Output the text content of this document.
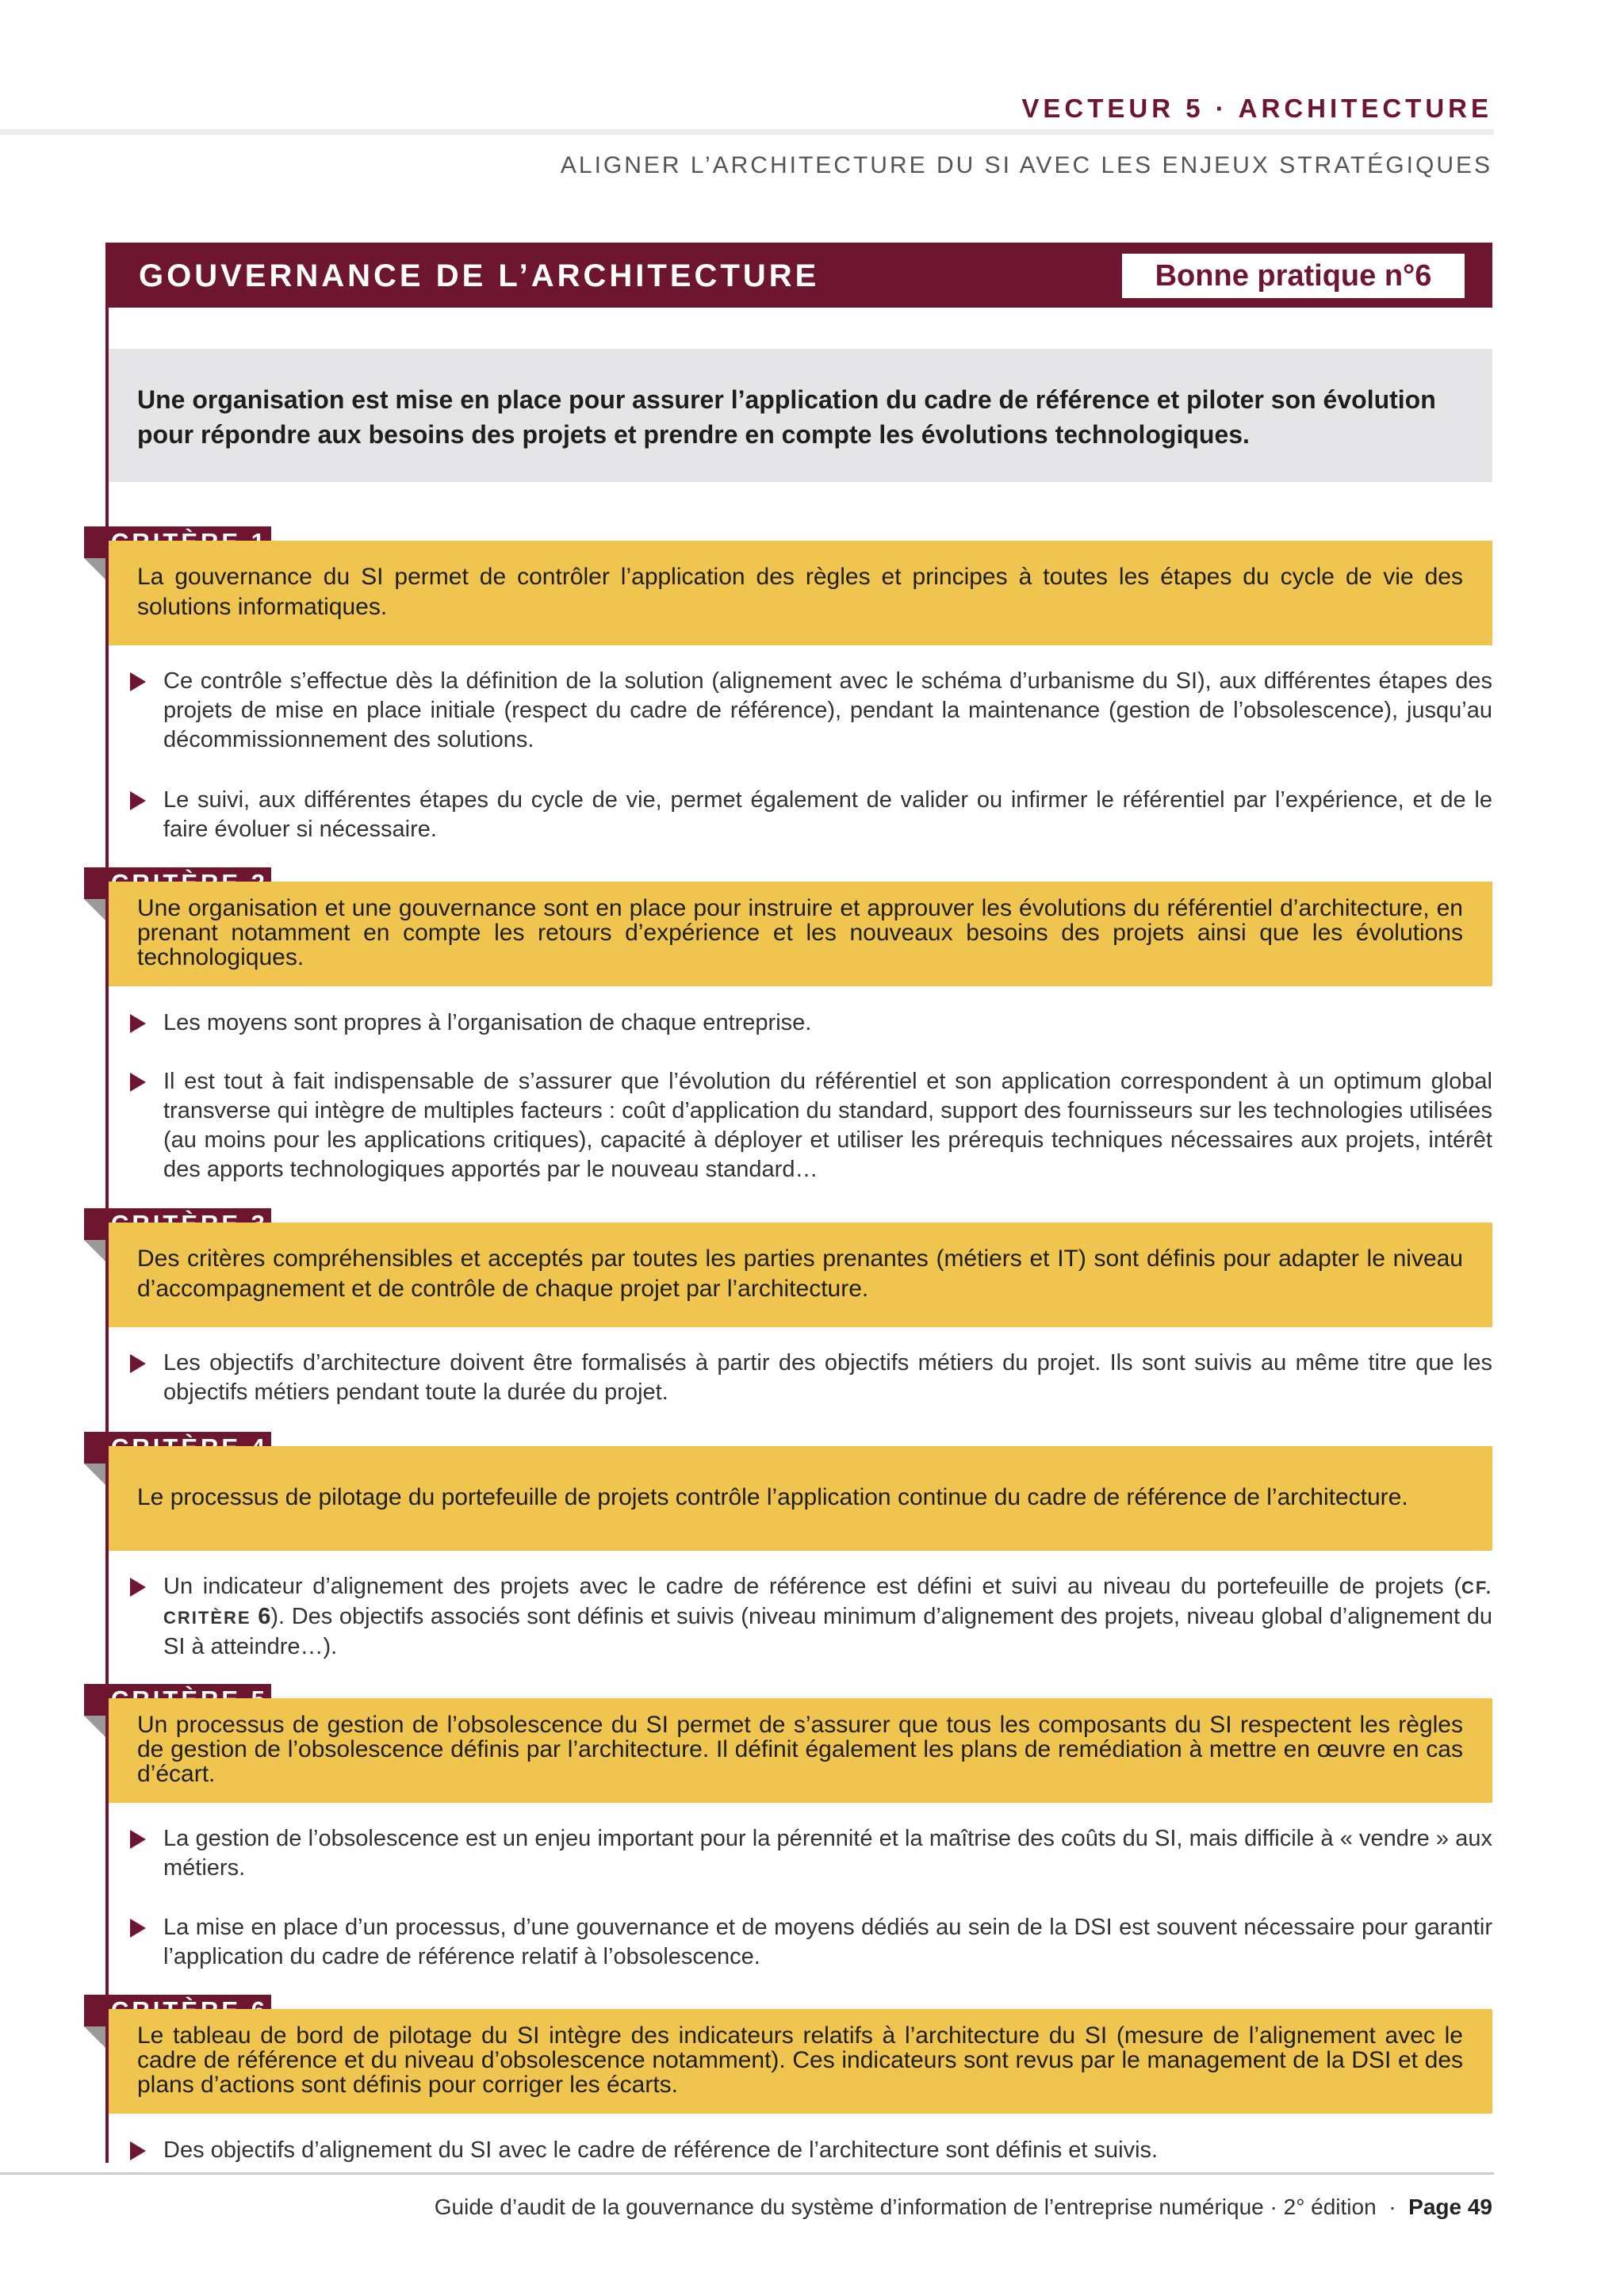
VECTEUR 5 · ARCHITECTURE
ALIGNER L’ARCHITECTURE DU SI AVEC LES ENJEUX STRATÉGIQUES
GOUVERNANCE DE L’ARCHITECTURE	Bonne pratique n°6
Une organisation est mise en place pour assurer l’application du cadre de référence et piloter son évolution pour répondre aux besoins des projets et prendre en compte les évolutions technologiques.
La gouvernance du SI permet de contrôler l’application des règles et principes à toutes les étapes du cycle de vie des solutions informatiques.
Ce contrôle s’effectue dès la définition de la solution (alignement avec le schéma d’urbanisme du SI), aux différentes étapes des projets de mise en place initiale (respect du cadre de référence), pendant la maintenance (gestion de l’obsolescence), jusqu’au décommissionnement des solutions.
Le suivi, aux différentes étapes du cycle de vie, permet également de valider ou infirmer le référentiel par l’expérience, et de le faire évoluer si nécessaire.
Une organisation et une gouvernance sont en place pour instruire et approuver les évolutions du référentiel d’architecture, en prenant notamment en compte les retours d’expérience et les nouveaux besoins des projets ainsi que les évolutions technologiques.
Les moyens sont propres à l’organisation de chaque entreprise.
Il est tout à fait indispensable de s’assurer que l’évolution du référentiel et son application correspondent à un optimum global transverse qui intègre de multiples facteurs : coût d’application du standard, support des fournisseurs sur les technologies utilisées (au moins pour les applications critiques), capacité à déployer et utiliser les prérequis techniques nécessaires aux projets, intérêt des apports technologiques apportés par le nouveau standard…
Des critères compréhensibles et acceptés par toutes les parties prenantes (métiers et IT) sont définis pour adapter le niveau d’accompagnement et de contrôle de chaque projet par l’architecture.
Les objectifs d’architecture doivent être formalisés à partir des objectifs métiers du projet. Ils sont suivis au même titre que les objectifs métiers pendant toute la durée du projet.
Le processus de pilotage du portefeuille de projets contrôle l’application continue du cadre de référence de l’architecture.
Un indicateur d’alignement des projets avec le cadre de référence est défini et suivi au niveau du portefeuille de projets (CF. CRITÈRE 6). Des objectifs associés sont définis et suivis (niveau minimum d’alignement des projets, niveau global d’alignement du SI à atteindre…).
Un processus de gestion de l’obsolescence du SI permet de s’assurer que tous les composants du SI respectent les règles de gestion de l’obsolescence définis par l’architecture. Il définit également les plans de remédiation à mettre en œuvre en cas d’écart.
La gestion de l’obsolescence est un enjeu important pour la pérennité et la maîtrise des coûts du SI, mais difficile à « vendre » aux métiers.
La mise en place d’un processus, d’une gouvernance et de moyens dédiés au sein de la DSI est souvent nécessaire pour garantir l’application du cadre de référence relatif à l’obsolescence.
Le tableau de bord de pilotage du SI intègre des indicateurs relatifs à l’architecture du SI (mesure de l’alignement avec le cadre de référence et du niveau d’obsolescence notamment). Ces indicateurs sont revus par le management de la DSI et des plans d’actions sont définis pour corriger les écarts.
Des objectifs d’alignement du SI avec le cadre de référence de l’architecture sont définis et suivis.
Guide d’audit de la gouvernance du système d’information de l’entreprise numérique · 2° édition · Page 49
